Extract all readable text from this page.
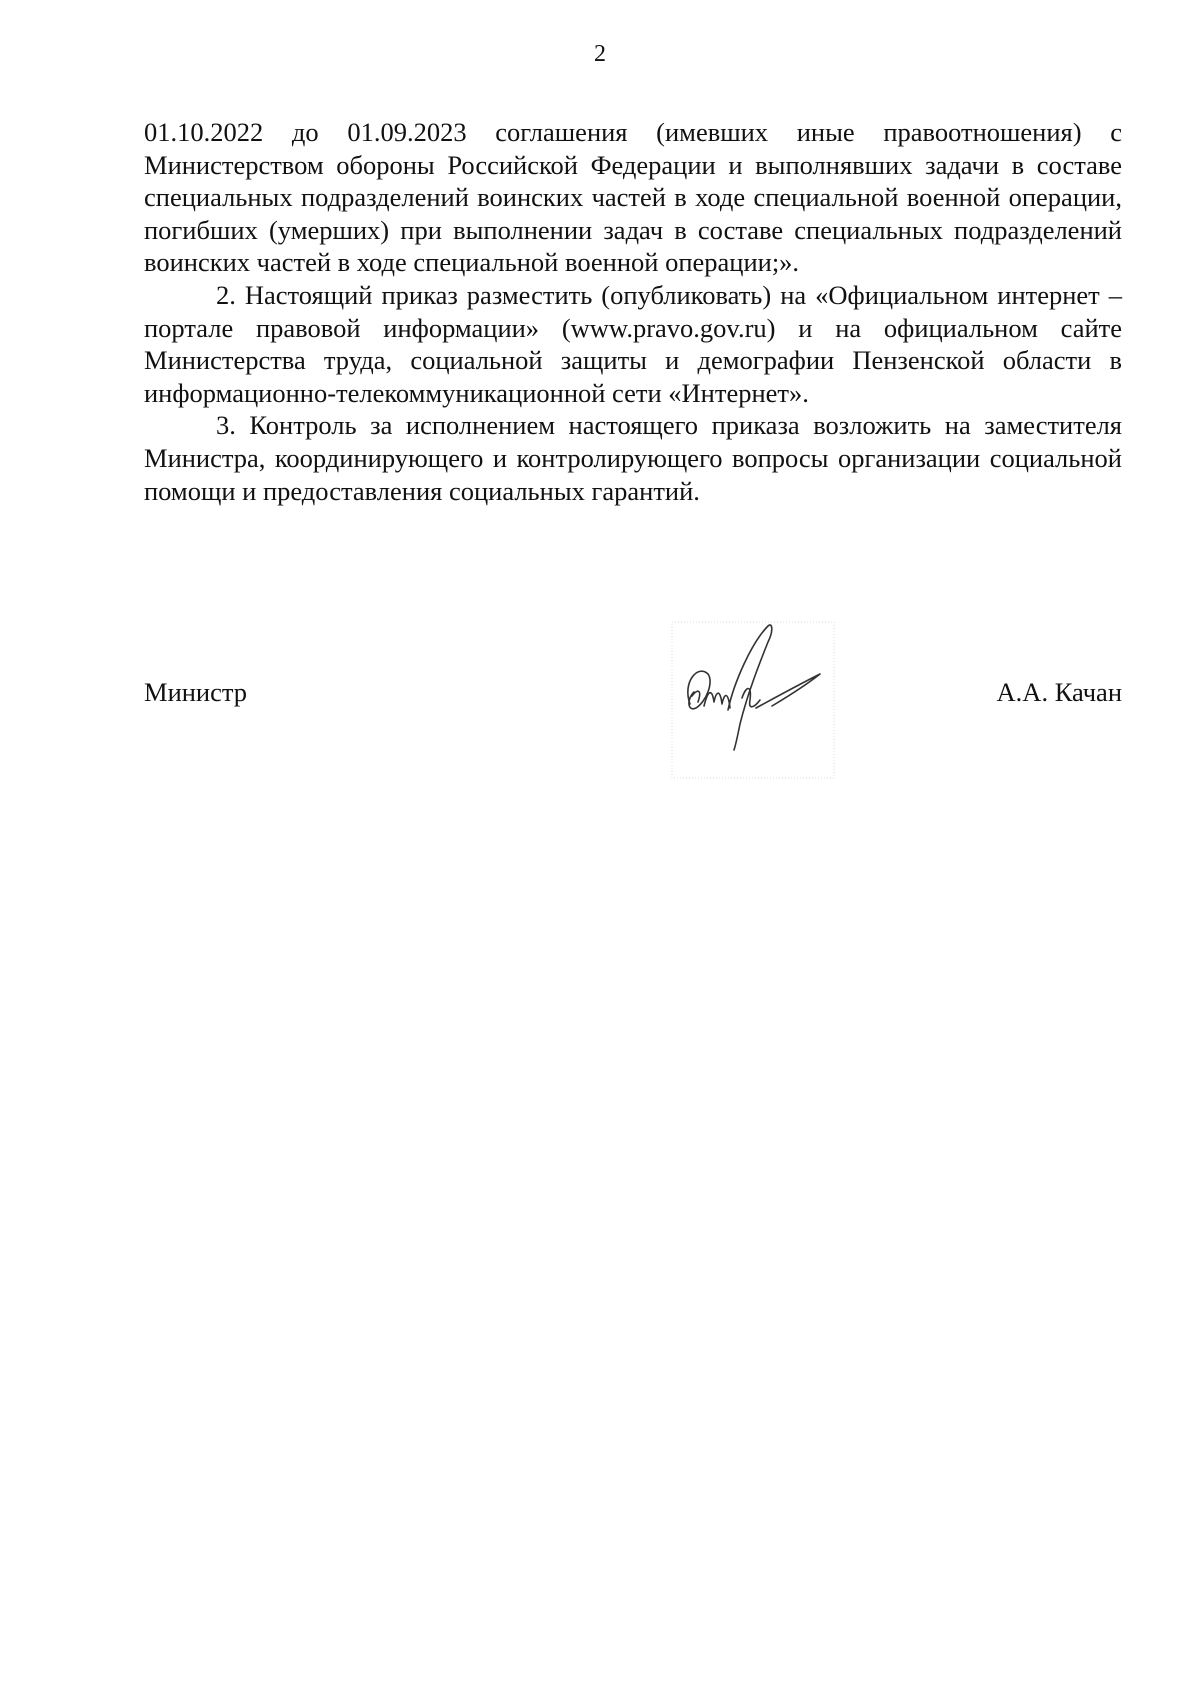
2

01.10.2022 до 01.09.2023 соглашения (имевших иные правоотношения) с Министерством обороны Российской Федерации и выполнявших задачи в составе специальных подразделений воинских частей в ходе специальной военной операции, погибших (умерших) при выполнении задач в составе специальных подразделений воинских частей в ходе специальной военной операции;».

2. Настоящий приказ разместить (опубликовать) на «Официальном интернет – портале правовой информации» (www.pravo.gov.ru) и на официальном сайте Министерства труда, социальной защиты и демографии Пензенской области в информационно-телекоммуникационной сети «Интернет».

3. Контроль за исполнением настоящего приказа возложить на заместителя Министра, координирующего и контролирующего вопросы организации социальной помощи и предоставления социальных гарантий.

Министр	А.А. Качан
